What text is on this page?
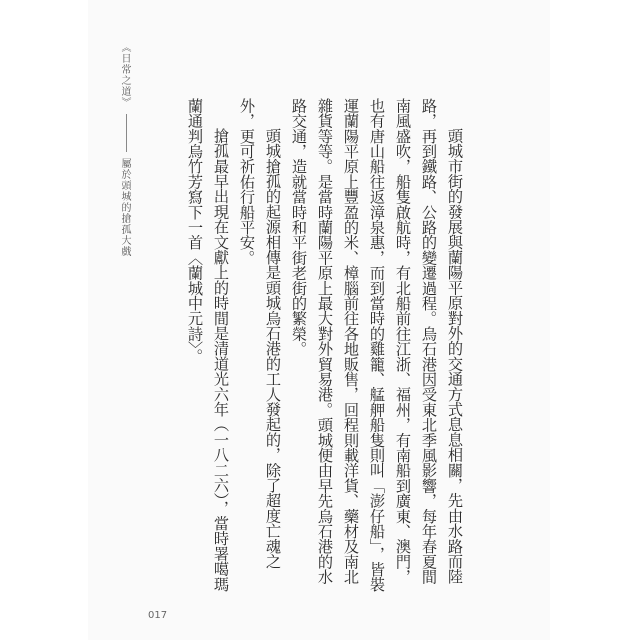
《日常之道》屬於頭城的搶孤大戲	頭城市街的發展與蘭陽平原對外的交通方式息息相關，先由水路而陸路，再到鐵路、公路的變遷過程。烏石港因受東北季風影響，每年春夏間南風盛吹，船隻啟航時，有北船前往江浙、福州，有南船到廣東、澳門，也有唐山船往返漳泉惠，而到當時的雞籠、艋舺船隻則叫「澎仔船」，皆裝運蘭陽平原上豐盈的米、樟腦前往各地販售，回程則載洋貨、藥材及南北雜貨等等。是當時蘭陽平原上最大對外貿易港。頭城便由早先烏石港的水路交通，造就當時和平街老街的繁榮。

頭城搶孤的起源相傳是頭城烏石港的工人發起的，除了超度亡魂之外，更可祈佑行船平安。

搶孤最早出現在文獻上的時間是清道光六年（一八二六），當時署噶瑪蘭通判烏竹芳寫下一首〈蘭城中元詩〉。

017
